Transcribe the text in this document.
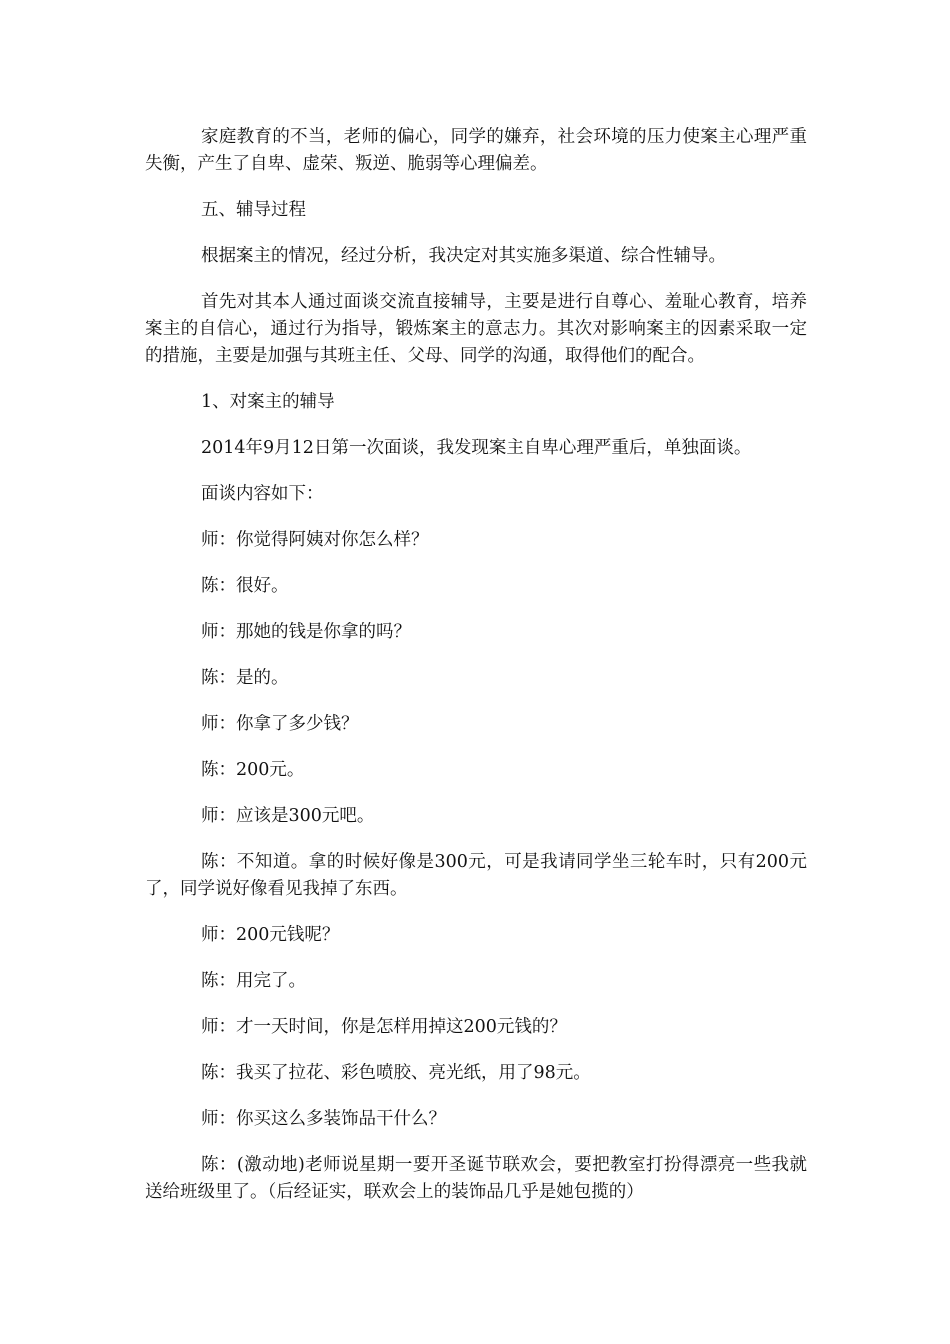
家庭教育的不当，老师的偏心，同学的嫌弃，社会环境的压力使案主心理严重失衡，产生了自卑、虚荣、叛逆、脆弱等心理偏差。

五、辅导过程

根据案主的情况，经过分析，我决定对其实施多渠道、综合性辅导。

首先对其本人通过面谈交流直接辅导，主要是进行自尊心、羞耻心教育，培养案主的自信心，通过行为指导，锻炼案主的意志力。其次对影响案主的因素采取一定的措施，主要是加强与其班主任、父母、同学的沟通，取得他们的配合。

1、对案主的辅导

2014年9月12日第一次面谈，我发现案主自卑心理严重后，单独面谈。

面谈内容如下：

师：你觉得阿姨对你怎么样？

陈：很好。

师：那她的钱是你拿的吗？

陈：是的。

师：你拿了多少钱？

陈：200元。

师：应该是300元吧。

陈：不知道。拿的时候好像是300元，可是我请同学坐三轮车时，只有200元了，同学说好像看见我掉了东西。

师：200元钱呢？

陈：用完了。

师：才一天时间，你是怎样用掉这200元钱的？

陈：我买了拉花、彩色喷胶、亮光纸，用了98元。

师：你买这么多装饰品干什么？

陈：(激动地)老师说星期一要开圣诞节联欢会，要把教室打扮得漂亮一些我就送给班级里了。（后经证实，联欢会上的装饰品几乎是她包揽的）
